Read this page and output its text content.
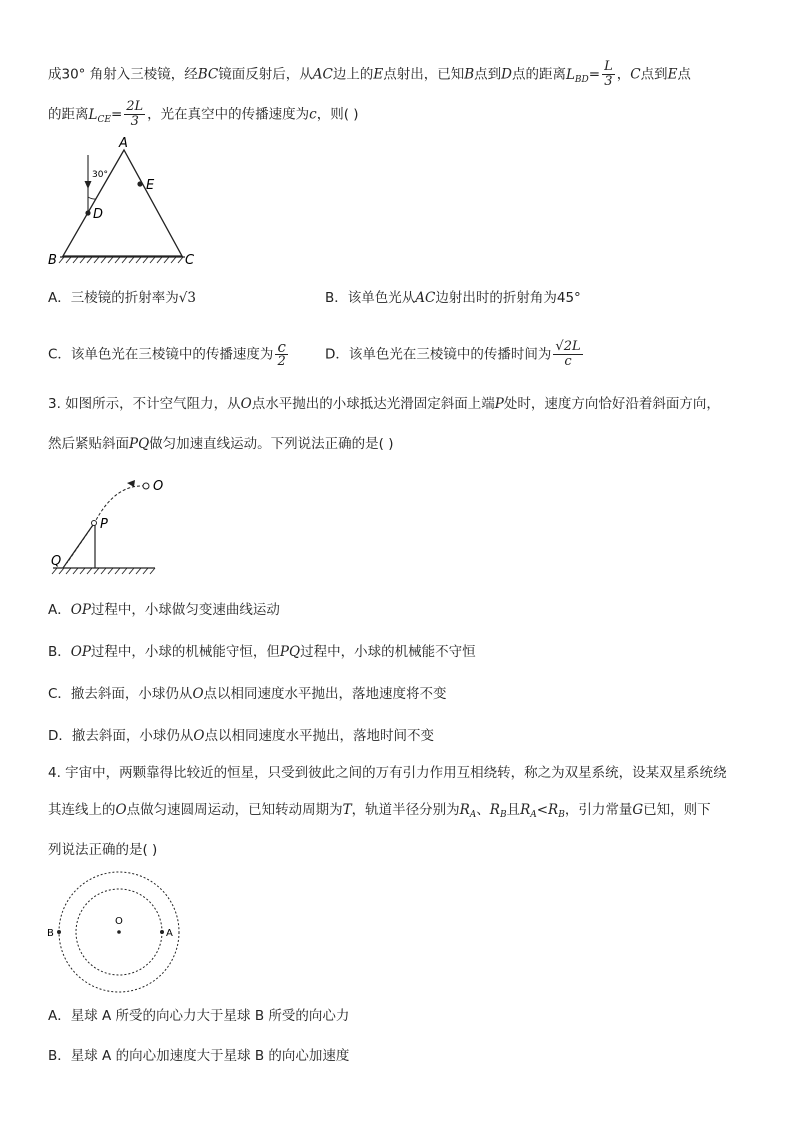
成30° 角射入三棱镜，经BC镜面反射后，从AC边上的E点射出，已知B点到D点的距离$L_{BD}= \frac{L}{3}$ ，C点到E点
的距离$L_{CE}= \frac{2L}{3}$ ，光在真空中的传播速度为c，则( )
A
B	C
D
E
30°
A．三棱镜的折射率为√3	B．该单色光从AC边射出时的折射角为45°
C．该单色光在三棱镜中的传播速度为 $\frac{c}{2}$	D．该单色光在三棱镜中的传播时间为 $\frac{√2L}{c}$
3. 如图所示，不计空气阻力，从O点水平抛出的小球抵达光滑固定斜面上端P处时，速度方向恰好沿着斜面方向，
然后紧贴斜面PQ做匀加速直线运动。下列说法正确的是( )
O
P
Q
A．OP过程中，小球做匀变速曲线运动
B．OP过程中，小球的机械能守恒，但PQ过程中，小球的机械能不守恒
C．撤去斜面，小球仍从O点以相同速度水平抛出，落地速度将不变
D．撤去斜面，小球仍从O点以相同速度水平抛出，落地时间不变
4. 宇宙中，两颗靠得比较近的恒星，只受到彼此之间的万有引力作用互相绕转，称之为双星系统，设某双星系统绕
其连线上的O点做匀速圆周运动，已知转动周期为T，轨道半径分别为$R_A$、$R_B$且$R_A<R_B$，引力常量G已知，则下
列说法正确的是( )
O
B	A
A．星球 A 所受的向心力大于星球 B 所受的向心力
B．星球 A 的向心加速度大于星球 B 的向心加速度
